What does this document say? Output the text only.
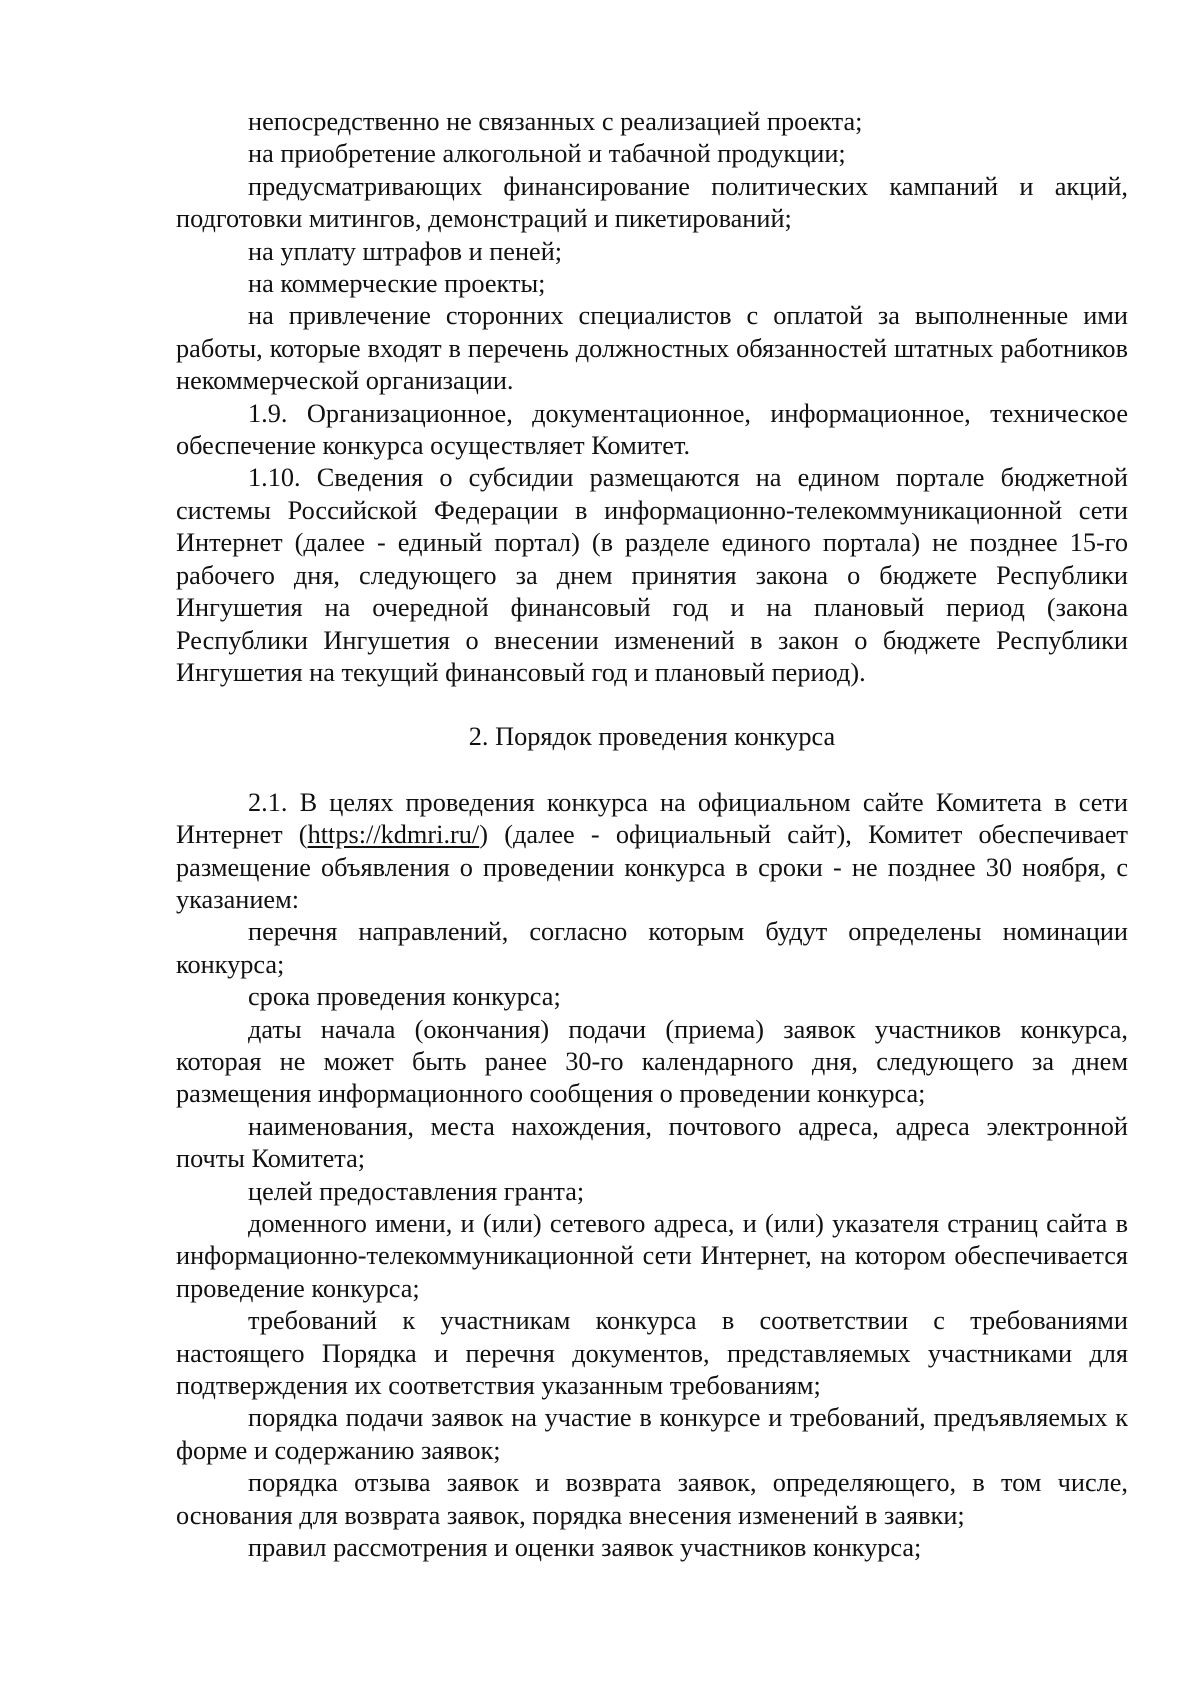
непосредственно не связанных с реализацией проекта;

на приобретение алкогольной и табачной продукции;

предусматривающих финансирование политических кампаний и акций, подготовки митингов, демонстраций и пикетирований;

на уплату штрафов и пеней;

на коммерческие проекты;

на привлечение сторонних специалистов с оплатой за выполненные ими работы, которые входят в перечень должностных обязанностей штатных работников некоммерческой организации.

1.9. Организационное, документационное, информационное, техническое обеспечение конкурса осуществляет Комитет.

1.10. Сведения о субсидии размещаются на едином портале бюджетной системы Российской Федерации в информационно-телекоммуникационной сети Интернет (далее - единый портал) (в разделе единого портала) не позднее 15-го рабочего дня, следующего за днем принятия закона о бюджете Республики Ингушетия на очередной финансовый год и на плановый период (закона Республики Ингушетия о внесении изменений в закон о бюджете Республики Ингушетия на текущий финансовый год и плановый период).

2. Порядок проведения конкурса

2.1. В целях проведения конкурса на официальном сайте Комитета в сети Интернет (https://kdmri.ru/) (далее - официальный сайт), Комитет обеспечивает размещение объявления о проведении конкурса в сроки - не позднее 30 ноября, с указанием:

перечня направлений, согласно которым будут определены номинации конкурса;

срока проведения конкурса;

даты начала (окончания) подачи (приема) заявок участников конкурса, которая не может быть ранее 30-го календарного дня, следующего за днем размещения информационного сообщения о проведении конкурса;

наименования, места нахождения, почтового адреса, адреса электронной почты Комитета;

целей предоставления гранта;

доменного имени, и (или) сетевого адреса, и (или) указателя страниц сайта в информационно-телекоммуникационной сети Интернет, на котором обеспечивается проведение конкурса;

требований к участникам конкурса в соответствии с требованиями настоящего Порядка и перечня документов, представляемых участниками для подтверждения их соответствия указанным требованиям;

порядка подачи заявок на участие в конкурсе и требований, предъявляемых к форме и содержанию заявок;

порядка отзыва заявок и возврата заявок, определяющего, в том числе, основания для возврата заявок, порядка внесения изменений в заявки;

правил рассмотрения и оценки заявок участников конкурса;
